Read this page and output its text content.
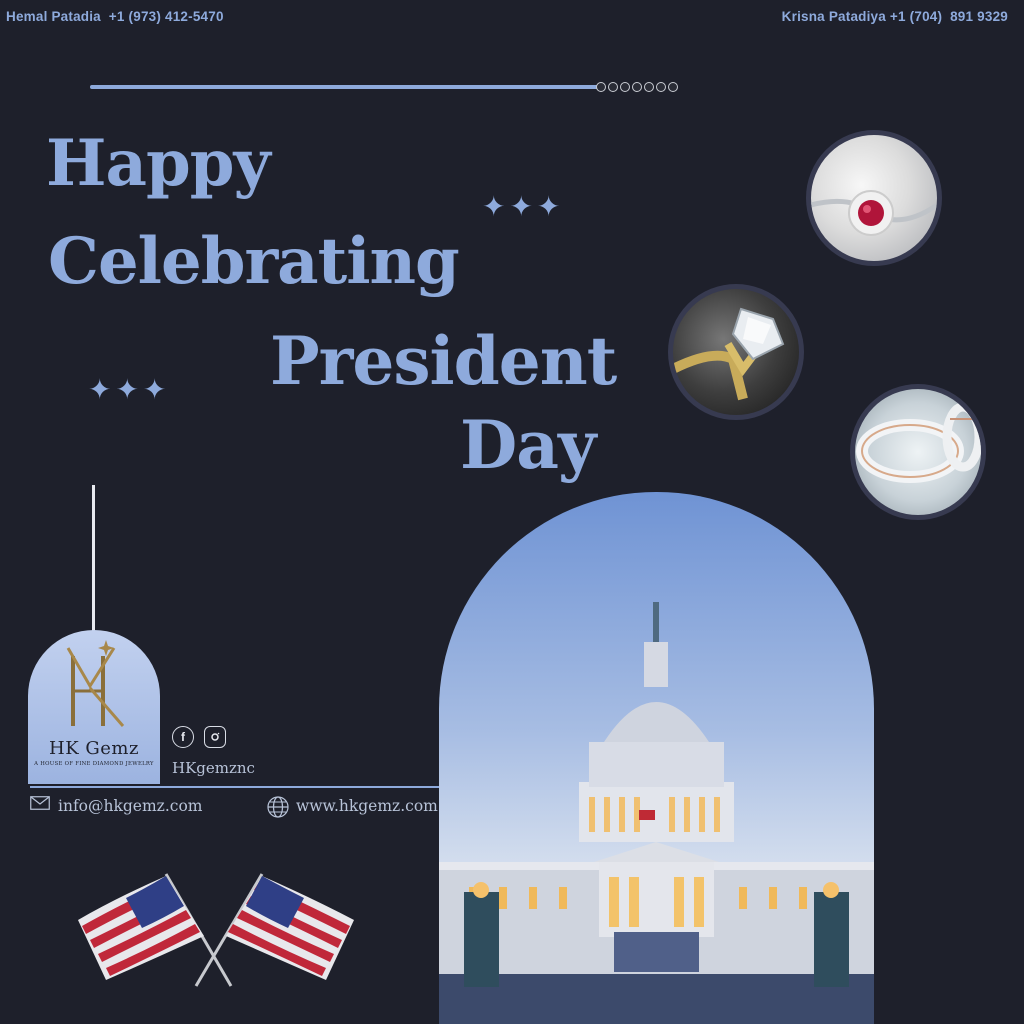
Hemal Patadia  +1 (973) 412-5470	Krisna Patadiya +1 (704)  891 9329
Happy
Celebrating
President
Day
✦✦✦
✦✦✦
HK Gemz
A HOUSE OF FINE DIAMOND JEWELRY
f
HKgemznc
info@hkgemz.com	www.hkgemz.com
